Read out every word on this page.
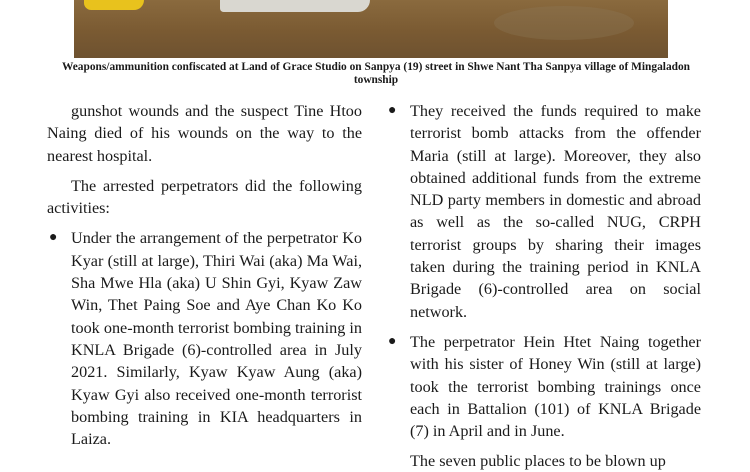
Weapons/ammunition confiscated at Land of Grace Studio on Sanpya (19) street in Shwe Nant Tha Sanpya village of Mingaladon township

gunshot wounds and the suspect Tine Htoo Naing died of his wounds on the way to the nearest hospital.

The arrested perpetrators did the following activities:

● Under the arrangement of the perpetrator Ko Kyar (still at large), Thiri Wai (aka) Ma Wai, Sha Mwe Hla (aka) U Shin Gyi, Kyaw Zaw Win, Thet Paing Soe and Aye Chan Ko Ko took one-month terrorist bombing training in KNLA Brigade (6)-controlled area in July 2021. Similarly, Kyaw Kyaw Aung (aka) Kyaw Gyi also received one-month terrorist bombing training in KIA headquarters in Laiza.

● They received the funds required to make terrorist bomb attacks from the offender Maria (still at large). Moreover, they also obtained additional funds from the extreme NLD party members in domestic and abroad as well as the so-called NUG, CRPH terrorist groups by sharing their images taken during the training period in KNLA Brigade (6)-controlled area on social network.

● The perpetrator Hein Htet Naing together with his sister of Honey Win (still at large) took the terrorist bombing trainings once each in Battalion (101) of KNLA Brigade (7) in April and in June.

The seven public places to be blown up
